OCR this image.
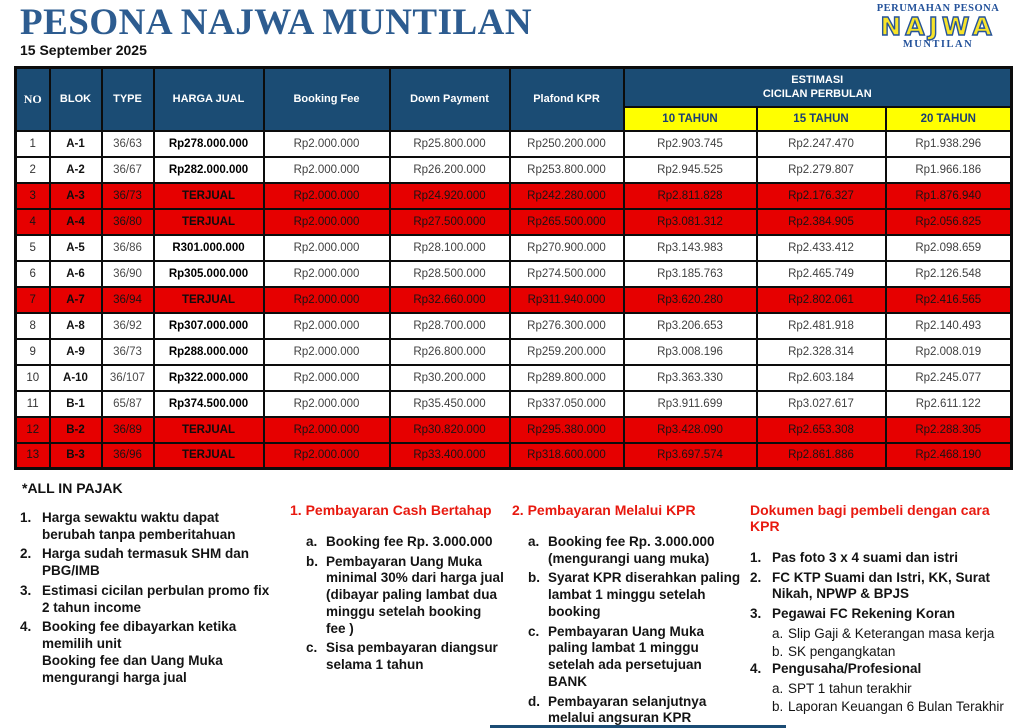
PESONA NAJWA MUNTILAN
15 September 2025
PERUMAHAN PESONA
NAJWA
MUNTILAN
NO	BLOK	TYPE	HARGA JUAL	Booking Fee	Down Payment	Plafond KPR	ESTIMASI
CICILAN PERBULAN		

							10 TAHUN	15 TAHUN	20 TAHUN
1	A-1	36/63	Rp278.000.000	Rp2.000.000	Rp25.800.000	Rp250.200.000	Rp2.903.745	Rp2.247.470	Rp1.938.296
2	A-2	36/67	Rp282.000.000	Rp2.000.000	Rp26.200.000	Rp253.800.000	Rp2.945.525	Rp2.279.807	Rp1.966.186
3	A-3	36/73	TERJUAL	Rp2.000.000	Rp24.920.000	Rp242.280.000	Rp2.811.828	Rp2.176.327	Rp1.876.940
4	A-4	36/80	TERJUAL	Rp2.000.000	Rp27.500.000	Rp265.500.000	Rp3.081.312	Rp2.384.905	Rp2.056.825
5	A-5	36/86	R301.000.000	Rp2.000.000	Rp28.100.000	Rp270.900.000	Rp3.143.983	Rp2.433.412	Rp2.098.659
6	A-6	36/90	Rp305.000.000	Rp2.000.000	Rp28.500.000	Rp274.500.000	Rp3.185.763	Rp2.465.749	Rp2.126.548
7	A-7	36/94	TERJUAL	Rp2.000.000	Rp32.660.000	Rp311.940.000	Rp3.620.280	Rp2.802.061	Rp2.416.565
8	A-8	36/92	Rp307.000.000	Rp2.000.000	Rp28.700.000	Rp276.300.000	Rp3.206.653	Rp2.481.918	Rp2.140.493
9	A-9	36/73	Rp288.000.000	Rp2.000.000	Rp26.800.000	Rp259.200.000	Rp3.008.196	Rp2.328.314	Rp2.008.019
10	A-10	36/107	Rp322.000.000	Rp2.000.000	Rp30.200.000	Rp289.800.000	Rp3.363.330	Rp2.603.184	Rp2.245.077
11	B-1	65/87	Rp374.500.000	Rp2.000.000	Rp35.450.000	Rp337.050.000	Rp3.911.699	Rp3.027.617	Rp2.611.122
12	B-2	36/89	TERJUAL	Rp2.000.000	Rp30.820.000	Rp295.380.000	Rp3.428.090	Rp2.653.308	Rp2.288.305
13	B-3	36/96	TERJUAL	Rp2.000.000	Rp33.400.000	Rp318.600.000	Rp3.697.574	Rp2.861.886	Rp2.468.190
*ALL IN PAJAK
1. Harga sewaktu waktu dapat berubah tanpa pemberitahuan
2. Harga sudah termasuk SHM dan PBG/IMB
3. Estimasi cicilan perbulan promo fix 2 tahun income
4. Booking fee dibayarkan ketika memilih unit
Booking fee dan Uang Muka mengurangi harga jual
1. Pembayaran Cash Bertahap
a. Booking fee Rp. 3.000.000
b. Pembayaran Uang Muka minimal 30% dari harga jual (dibayar paling lambat dua minggu setelah booking fee )
c. Sisa pembayaran diangsur selama 1 tahun
2. Pembayaran Melalui KPR
a. Booking fee Rp. 3.000.000 (mengurangi uang muka)
b. Syarat KPR diserahkan paling lambat 1 minggu setelah booking
c. Pembayaran Uang Muka paling lambat 1 minggu setelah ada persetujuan BANK
d. Pembayaran selanjutnya melalui angsuran KPR
Dokumen bagi pembeli dengan cara KPR
1. Pas foto 3 x 4 suami dan istri
2. FC KTP Suami dan Istri, KK, Surat Nikah, NPWP & BPJS
3. Pegawai FC Rekening Koran
a. Slip Gaji & Keterangan masa kerja
b. SK pengangkatan
4. Pengusaha/Profesional
a. SPT 1 tahun terakhir
b. Laporan Keuangan 6 Bulan Terakhir
